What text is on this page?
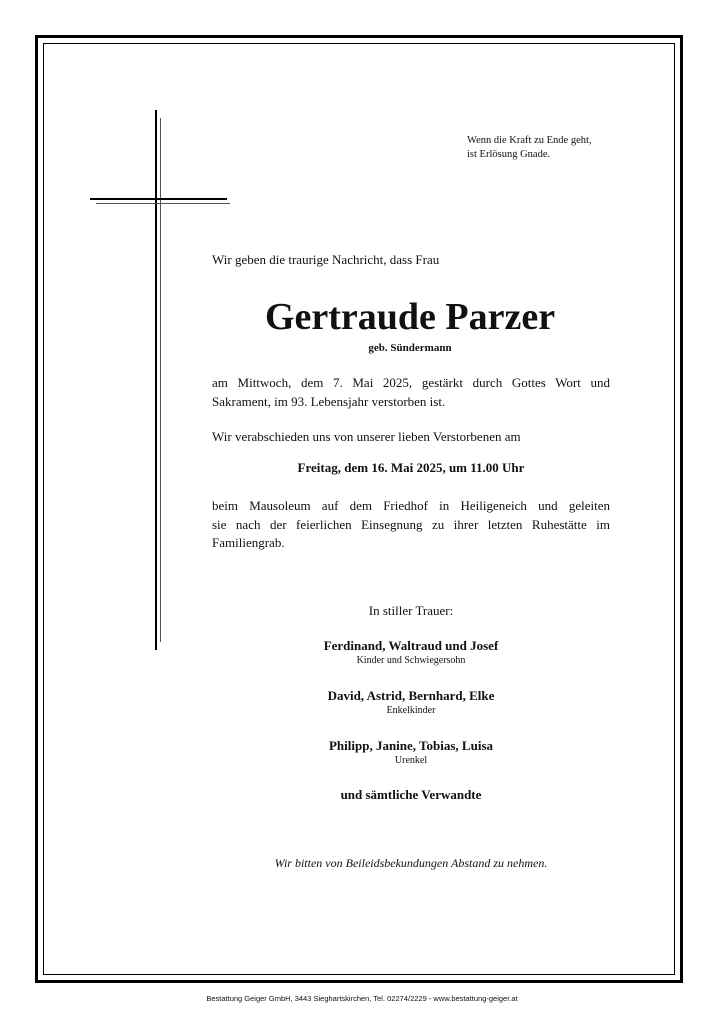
Wenn die Kraft zu Ende geht,
ist Erlösung Gnade.
Wir geben die traurige Nachricht, dass Frau
Gertraude Parzer
geb. Sündermann
am Mittwoch, dem 7. Mai 2025, gestärkt durch Gottes Wort und
Sakrament, im 93. Lebensjahr verstorben ist.
Wir verabschieden uns von unserer lieben Verstorbenen am
Freitag, dem 16. Mai 2025, um 11.00 Uhr
beim Mausoleum auf dem Friedhof in Heiligeneich und geleiten
sie nach der feierlichen Einsegnung zu ihrer letzten Ruhestätte im
Familiengrab.
In stiller Trauer:
Ferdinand, Waltraud und Josef
Kinder und Schwiegersohn
David, Astrid, Bernhard, Elke
Enkelkinder
Philipp, Janine, Tobias, Luisa
Urenkel
und sämtliche Verwandte
Wir bitten von Beileidsbekundungen Abstand zu nehmen.
Bestattung Geiger GmbH, 3443 Sieghartskirchen, Tel. 02274/2229 - www.bestattung-geiger.at
